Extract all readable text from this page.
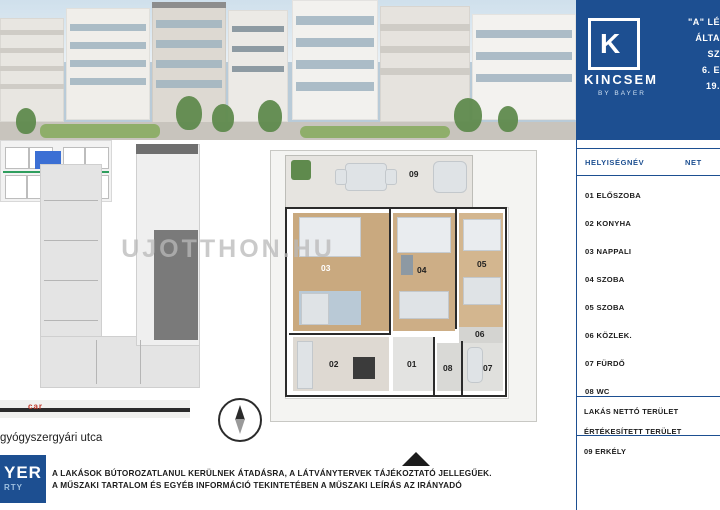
09
03	04
05
02	01	08	07
06
UJOTTHON.HU
car
gyógyszergyári utca
YER
RTY
A LAKÁSOK BÚTOROZATLANUL KERÜLNEK ÁTADÁSRA, A LÁTVÁNYTERVEK TÁJÉKOZTATÓ JELLEGŰEK.
A MŰSZAKI TARTALOM ÉS EGYÉB INFORMÁCIÓ TEKINTETÉBEN A MŰSZAKI LEÍRÁS AZ IRÁNYADÓ
K
KINCSEM
BY BAYER
"A" LÉ
ÁLTA
SZ
6. E
19.
HELYISÉGNÉV	NET
01 ELŐSZOBA
02 KONYHA
03 NAPPALI
04 SZOBA
05 SZOBA
06 KÖZLEK.
07 FÜRDŐ
08 WC
LAKÁS NETTÓ TERÜLET
ÉRTÉKESÍTETT TERÜLET
09 ERKÉLY
